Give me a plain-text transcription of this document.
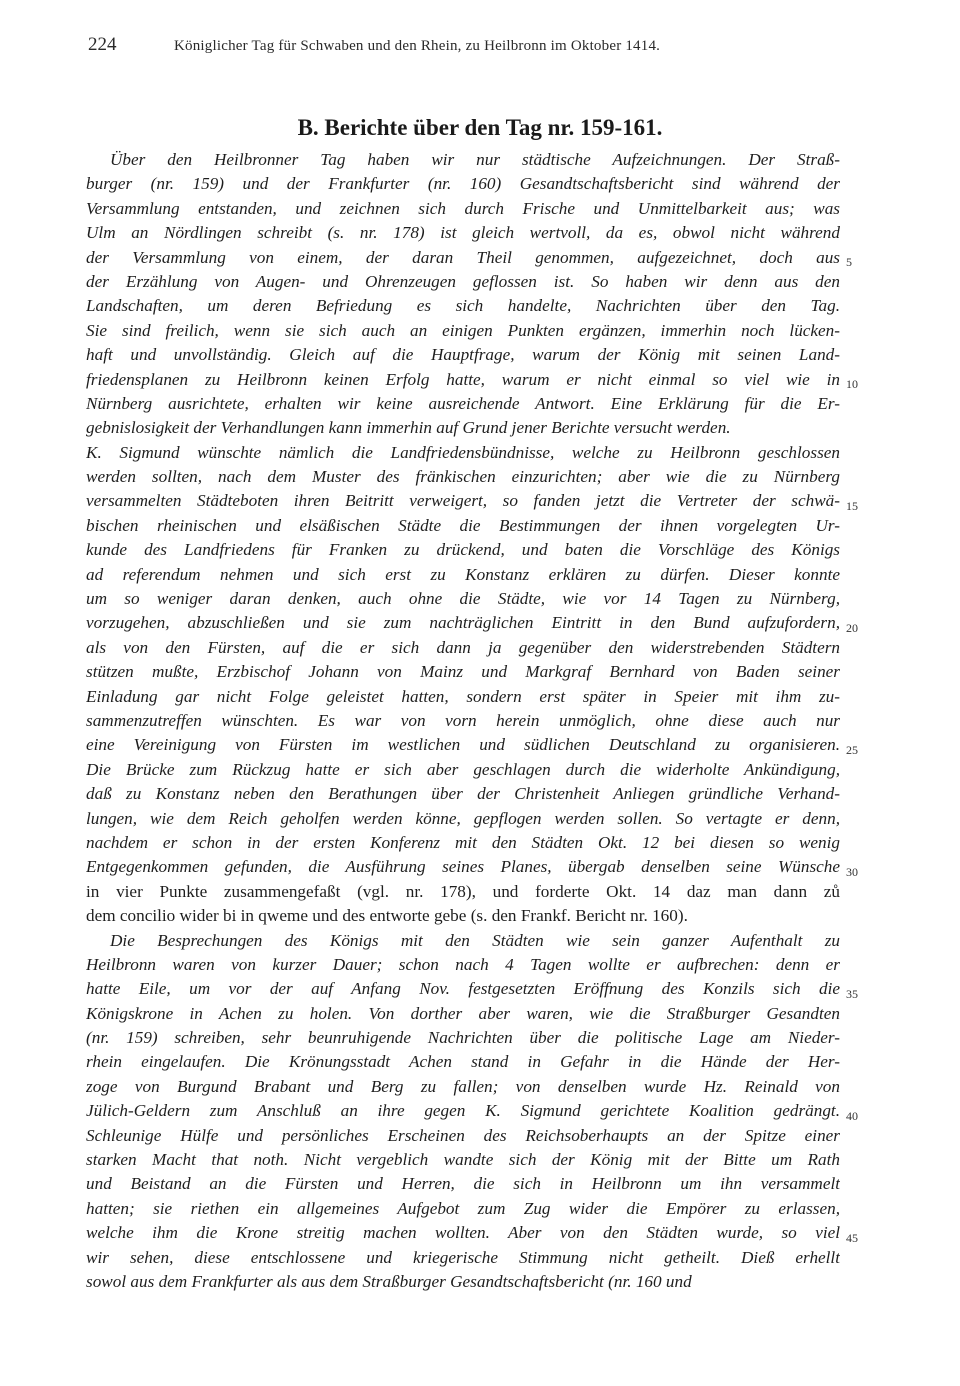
224	Königlicher Tag für Schwaben und den Rhein, zu Heilbronn im Oktober 1414.
B. Berichte über den Tag nr. 159-161.
Über den Heilbronner Tag haben wir nur städtische Aufzeichnungen. Der Straß-
burger (nr. 159) und der Frankfurter (nr. 160) Gesandtschaftsbericht sind während der
Versammlung entstanden, und zeichnen sich durch Frische und Unmittelbarkeit aus; was
Ulm an Nördlingen schreibt (s. nr. 178) ist gleich wertvoll, da es, obwol nicht während
der Versammlung von einem, der daran Theil genommen, aufgezeichnet, doch aus
der Erzählung von Augen- und Ohrenzeugen geflossen ist. So haben wir denn aus den
Landschaften, um deren Befriedung es sich handelte, Nachrichten über den Tag.
Sie sind freilich, wenn sie sich auch an einigen Punkten ergänzen, immerhin noch lücken-
haft und unvollständig. Gleich auf die Hauptfrage, warum der König mit seinen Land-
friedensplanen zu Heilbronn keinen Erfolg hatte, warum er nicht einmal so viel wie in
Nürnberg ausrichtete, erhalten wir keine ausreichende Antwort. Eine Erklärung für die Er-
gebnislosigkeit der Verhandlungen kann immerhin auf Grund jener Berichte versucht werden.
K. Sigmund wünschte nämlich die Landfriedensbündnisse, welche zu Heilbronn geschlossen
werden sollten, nach dem Muster des fränkischen einzurichten; aber wie die zu Nürnberg
versammelten Städteboten ihren Beitritt verweigert, so fanden jetzt die Vertreter der schwä-
bischen rheinischen und elsäßischen Städte die Bestimmungen der ihnen vorgelegten Ur-
kunde des Landfriedens für Franken zu drückend, und baten die Vorschläge des Königs
ad referendum nehmen und sich erst zu Konstanz erklären zu dürfen. Dieser konnte
um so weniger daran denken, auch ohne die Städte, wie vor 14 Tagen zu Nürnberg,
vorzugehen, abzuschließen und sie zum nachträglichen Eintritt in den Bund aufzufordern,
als von den Fürsten, auf die er sich dann ja gegenüber den widerstrebenden Städtern
stützen mußte, Erzbischof Johann von Mainz und Markgraf Bernhard von Baden seiner
Einladung gar nicht Folge geleistet hatten, sondern erst später in Speier mit ihm zu-
sammenzutreffen wünschten. Es war von vorn herein unmöglich, ohne diese auch nur
eine Vereinigung von Fürsten im westlichen und südlichen Deutschland zu organisieren.
Die Brücke zum Rückzug hatte er sich aber geschlagen durch die widerholte Ankündigung,
daß zu Konstanz neben den Berathungen über der Christenheit Anliegen gründliche Verhand-
lungen, wie dem Reich geholfen werden könne, gepflogen werden sollen. So vertagte er denn,
nachdem er schon in der ersten Konferenz mit den Städten Okt. 12 bei diesen so wenig
Entgegenkommen gefunden, die Ausführung seines Planes, übergab denselben seine Wünsche
in vier Punkte zusammengefaßt (vgl. nr. 178), und forderte Okt. 14 daz man dann zů
dem concilio wider bi in qweme und des entworte gebe (s. den Frankf. Bericht nr. 160).
Die Besprechungen des Königs mit den Städten wie sein ganzer Aufenthalt zu
Heilbronn waren von kurzer Dauer; schon nach 4 Tagen wollte er aufbrechen: denn er
hatte Eile, um vor der auf Anfang Nov. festgesetzten Eröffnung des Konzils sich die
Königskrone in Achen zu holen. Von dorther aber waren, wie die Straßburger Gesandten
(nr. 159) schreiben, sehr beunruhigende Nachrichten über die politische Lage am Nieder-
rhein eingelaufen. Die Krönungsstadt Achen stand in Gefahr in die Hände der Her-
zoge von Burgund Brabant und Berg zu fallen; von denselben wurde Hz. Reinald von
Jülich-Geldern zum Anschluß an ihre gegen K. Sigmund gerichtete Koalition gedrängt.
Schleunige Hülfe und persönliches Erscheinen des Reichsoberhaupts an der Spitze einer
starken Macht that noth. Nicht vergeblich wandte sich der König mit der Bitte um Rath
und Beistand an die Fürsten und Herren, die sich in Heilbronn um ihn versammelt
hatten; sie riethen ein allgemeines Aufgebot zum Zug wider die Empörer zu erlassen,
welche ihm die Krone streitig machen wollten. Aber von den Städten wurde, so viel
wir sehen, diese entschlossene und kriegerische Stimmung nicht getheilt. Dieß erhellt
sowol aus dem Frankfurter als aus dem Straßburger Gesandtschaftsbericht (nr. 160 und
5
10
15
20
25
30
35
40
45
